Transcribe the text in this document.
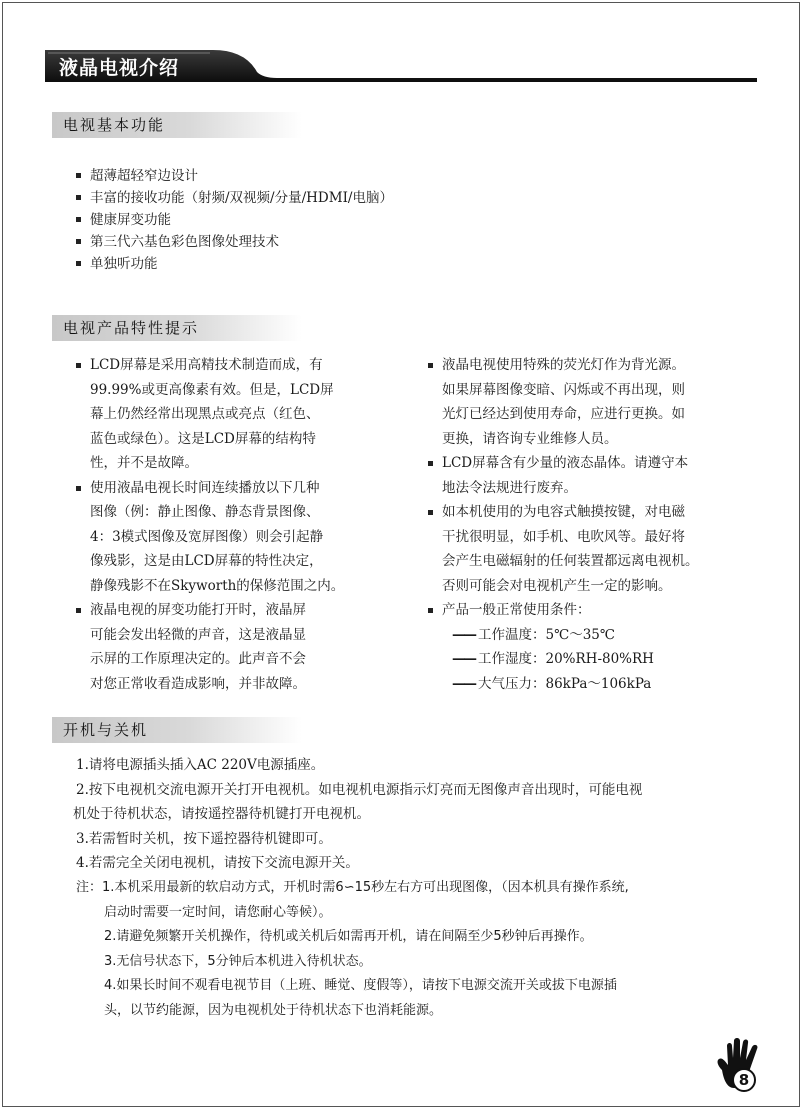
液晶电视介绍
电视基本功能
超薄超轻窄边设计
丰富的接收功能（射频/双视频/分量/HDMI/电脑）
健康屏变功能
第三代六基色彩色图像处理技术
单独听功能
电视产品特性提示
LCD屏幕是采用高精技术制造而成，有
99.99%或更高像素有效。但是，LCD屏
幕上仍然经常出现黑点或亮点（红色、
蓝色或绿色）。这是LCD屏幕的结构特
性，并不是故障。
使用液晶电视长时间连续播放以下几种
图像（例：静止图像、静态背景图像、
4：3模式图像及宽屏图像）则会引起静
像残影，这是由LCD屏幕的特性决定，
静像残影不在Skyworth的保修范围之内。
液晶电视的屏变功能打开时，液晶屏
可能会发出轻微的声音，这是液晶显
示屏的工作原理决定的。此声音不会
对您正常收看造成影响，并非故障。
液晶电视使用特殊的荧光灯作为背光源。
如果屏幕图像变暗、闪烁或不再出现，则
光灯已经达到使用寿命，应进行更换。如
更换，请咨询专业维修人员。
LCD屏幕含有少量的液态晶体。请遵守本
地法令法规进行废弃。
如本机使用的为电容式触摸按键，对电磁
干扰很明显，如手机、电吹风等。最好将
会产生电磁辐射的任何装置都远离电视机。
否则可能会对电视机产生一定的影响。
产品一般正常使用条件：
—— 工作温度：5℃～35℃
—— 工作湿度：20%RH-80%RH
—— 大气压力：86kPa～106kPa
开机与关机

1.请将电源插头插入AC 220V电源插座。

2.按下电视机交流电源开关打开电视机。如电视机电源指示灯亮而无图像声音出现时，可能电视

机处于待机状态，请按遥控器待机键打开电视机。

3.若需暂时关机，按下遥控器待机键即可。

4.若需完全关闭电视机，请按下交流电源开关。

注：1.本机采用最新的软启动方式，开机时需6∽15秒左右方可出现图像，（因本机具有操作系统,

启动时需要一定时间，请您耐心等候）。

2.请避免频繁开关机操作，待机或关机后如需再开机，请在间隔至少5秒钟后再操作。

3.无信号状态下，5分钟后本机进入待机状态。

4.如果长时间不观看电视节目（上班、睡觉、度假等），请按下电源交流开关或拔下电源插

头，以节约能源，因为电视机处于待机状态下也消耗能源。

8
